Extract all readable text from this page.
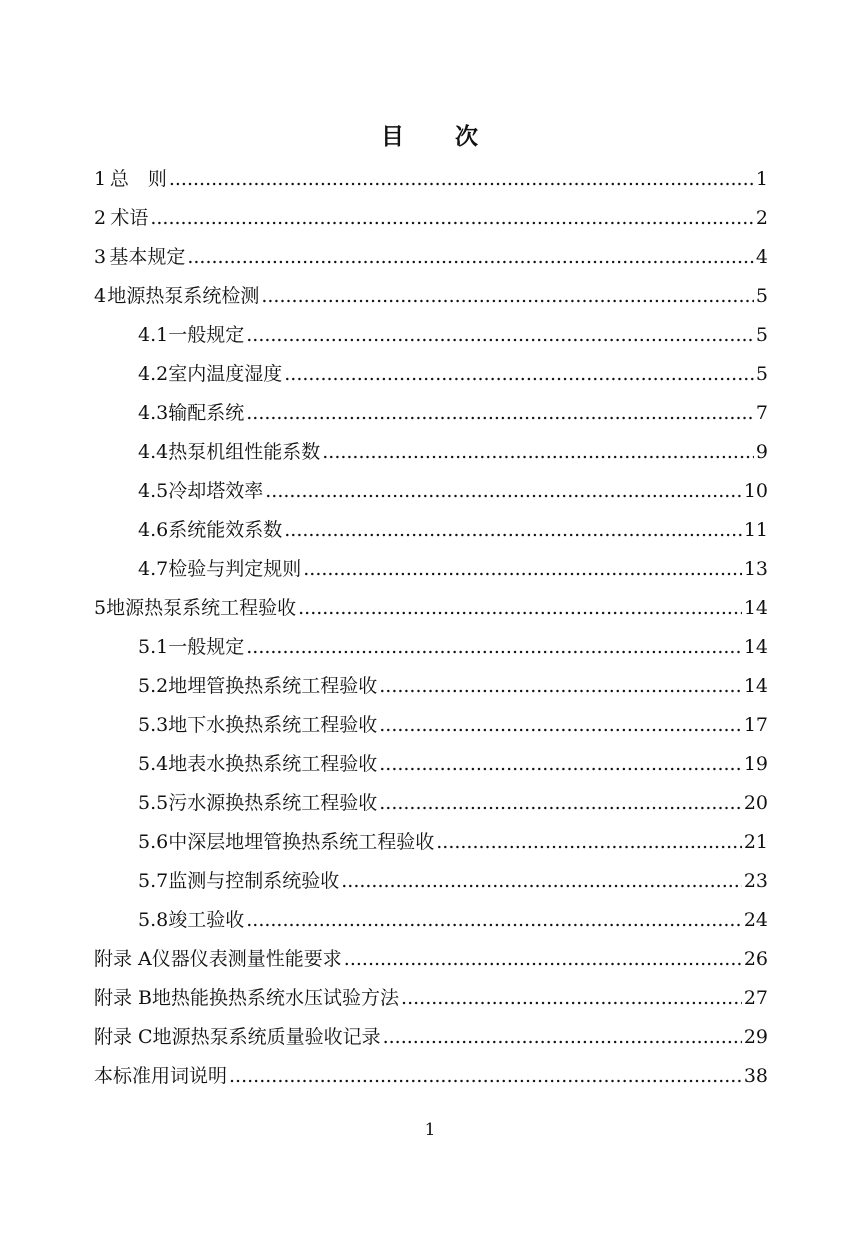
目 次
1 总　则 .....	1
2 术语 .....	2
3 基本规定 .....	4
4 地源热泵系统检测 .....	5
4.1 一般规定 .....	5
4.2 室内温度湿度 .....	5
4.3 输配系统 .....	7
4.4 热泵机组性能系数 .....	9
4.5 冷却塔效率 .....	10
4.6 系统能效系数 .....	11
4.7 检验与判定规则 .....	13
5 地源热泵系统工程验收 .....	14
5.1 一般规定 .....	14
5.2 地埋管换热系统工程验收 .....	14
5.3 地下水换热系统工程验收 .....	17
5.4 地表水换热系统工程验收 .....	19
5.5 污水源换热系统工程验收 .....	20
5.6 中深层地埋管换热系统工程验收 .....	21
5.7 监测与控制系统验收 .....	23
5.8 竣工验收 .....	24
附录 A 仪器仪表测量性能要求 .....	26
附录 B 地热能换热系统水压试验方法 .....	27
附录 C 地源热泵系统质量验收记录 .....	29
本标准用词说明 .....	38
1
